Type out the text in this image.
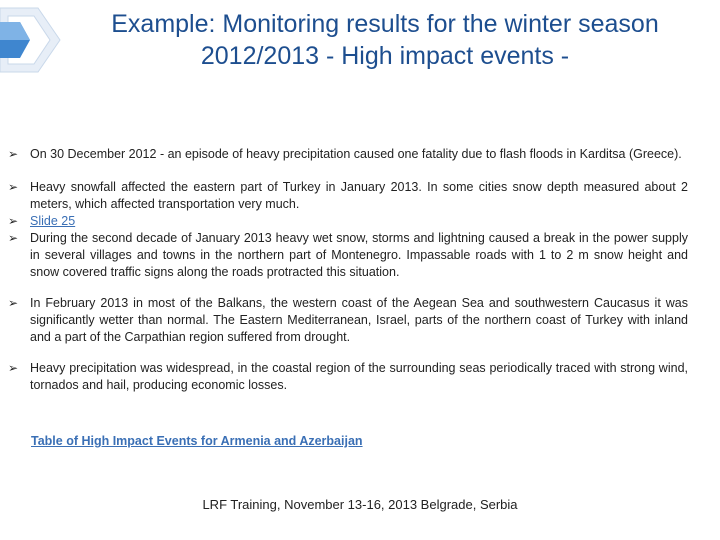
Example: Monitoring results for the winter season
2012/2013 - High impact events -
➢ On 30 December 2012 - an episode of heavy precipitation caused one fatality due to flash floods in Karditsa (Greece).
➢ Heavy snowfall affected the eastern part of Turkey in January 2013. In some cities snow depth measured about 2 meters, which affected transportation very much.
➢ Slide 25
➢ During the second decade of January 2013 heavy wet snow, storms and lightning caused a break in the power supply in several villages and towns in the northern part of Montenegro. Impassable roads with 1 to 2 m snow height and snow covered traffic signs along the roads protracted this situation.
➢ In February 2013 in most of the Balkans, the western coast of the Aegean Sea and southwestern Caucasus it was significantly wetter than normal. The Eastern Mediterranean, Israel, parts of the northern coast of Turkey with inland and a part of the Carpathian region suffered from drought.
➢ Heavy precipitation was widespread, in the coastal region of the surrounding seas periodically traced with strong wind, tornados and hail, producing economic losses.
Table of High Impact Events for Armenia and Azerbaijan
LRF Training, November 13-16, 2013 Belgrade, Serbia
